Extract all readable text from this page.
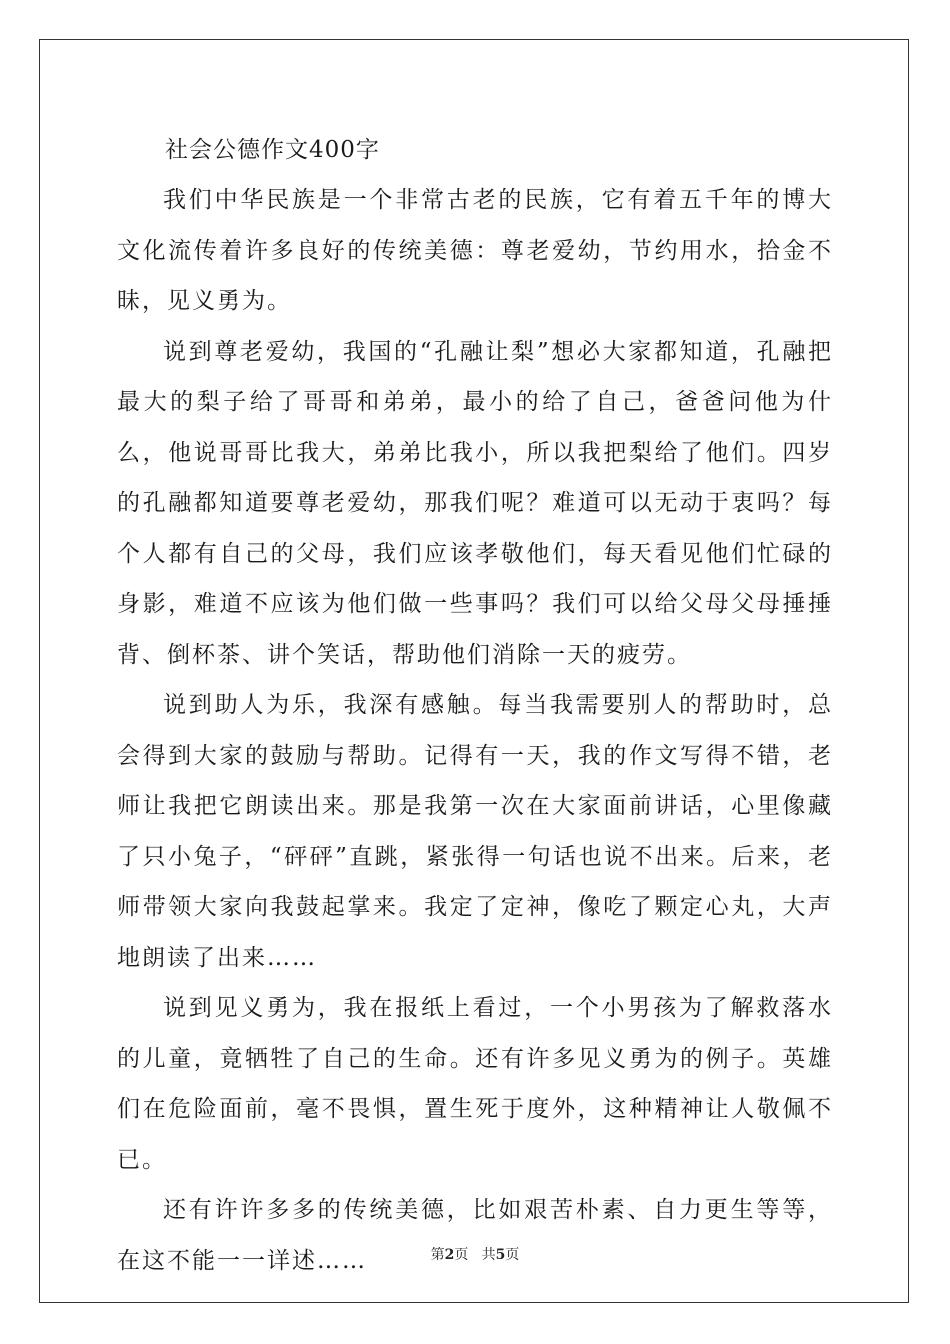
社会公德作文400字

我们中华民族是一个非常古老的民族，它有着五千年的博大文化流传着许多良好的传统美德：尊老爱幼，节约用水，拾金不昧，见义勇为。

说到尊老爱幼，我国的“孔融让梨”想必大家都知道，孔融把最大的梨子给了哥哥和弟弟，最小的给了自己，爸爸问他为什么，他说哥哥比我大，弟弟比我小，所以我把梨给了他们。四岁的孔融都知道要尊老爱幼，那我们呢？难道可以无动于衷吗？每个人都有自己的父母，我们应该孝敬他们，每天看见他们忙碌的身影，难道不应该为他们做一些事吗？我们可以给父母父母捶捶背、倒杯茶、讲个笑话，帮助他们消除一天的疲劳。

说到助人为乐，我深有感触。每当我需要别人的帮助时，总会得到大家的鼓励与帮助。记得有一天，我的作文写得不错，老师让我把它朗读出来。那是我第一次在大家面前讲话，心里像藏了只小兔子，“砰砰”直跳，紧张得一句话也说不出来。后来，老师带领大家向我鼓起掌来。我定了定神，像吃了颗定心丸，大声地朗读了出来……

说到见义勇为，我在报纸上看过，一个小男孩为了解救落水的儿童，竟牺牲了自己的生命。还有许多见义勇为的例子。英雄们在危险面前，毫不畏惧，置生死于度外，这种精神让人敬佩不已。

还有许许多多的传统美德，比如艰苦朴素、自力更生等等，在这不能一一详述……	第2页   共5页
